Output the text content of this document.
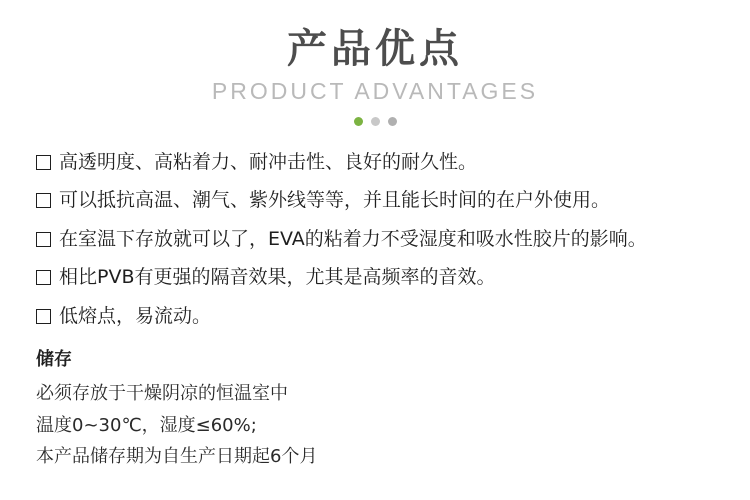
产品优点
PRODUCT ADVANTAGES
高透明度、高粘着力、耐冲击性、良好的耐久性。
可以抵抗高温、潮气、紫外线等等，并且能长时间的在户外使用。
在室温下存放就可以了，EVA的粘着力不受湿度和吸水性胶片的影响。
相比PVB有更强的隔音效果，尤其是高频率的音效。
低熔点，易流动。
储存
必须存放于干燥阴凉的恒温室中
温度0~30℃，湿度≤60%;
本产品储存期为自生产日期起6个月
